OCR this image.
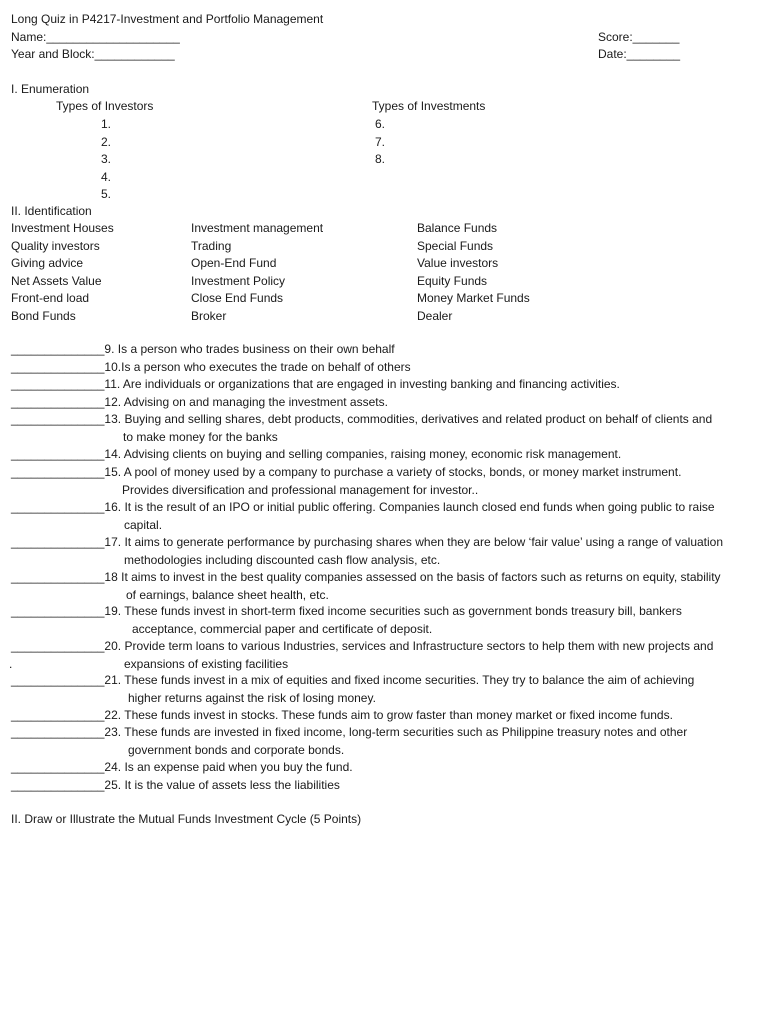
Long Quiz in P4217-Investment and Portfolio Management
Name:____________________
Year and Block:____________
Score:_______
Date:________
I. Enumeration
Types of Investors
1.
2.
3.
4.
5.
Types of Investments
6.
7.
8.
II. Identification
Investment Houses
Quality investors
Giving advice
Net Assets Value
Front-end load
Bond Funds
Investment management
Trading
Open-End Fund
Investment Policy
Close End Funds
Broker
Balance Funds
Special Funds
Value investors
Equity Funds
Money Market Funds
Dealer
______________9. Is a person who trades business on their own behalf
______________10.Is a person who executes the trade on behalf of others
______________11. Are individuals or organizations that are engaged in investing banking and financing activities.
______________12. Advising on and managing the investment assets.
______________13. Buying and selling shares, debt products, commodities, derivatives and related product on behalf of clients and
to make money for the banks
______________14. Advising clients on buying and selling companies, raising money, economic risk management.
______________15. A pool of money used by a company to purchase a variety of stocks, bonds, or money market instrument.
Provides diversification and professional management for investor..
______________16. It is the result of an IPO or initial public offering. Companies launch closed end funds when going public to raise
capital.
______________17. It aims to generate performance by purchasing shares when they are below ‘fair value’ using a range of valuation
methodologies including discounted cash flow analysis, etc.
______________18 It aims to invest in the best quality companies assessed on the basis of factors such as returns on equity, stability
of earnings, balance sheet health, etc.
______________19. These funds invest in short-term fixed income securities such as government bonds treasury bill, bankers
acceptance, commercial paper and certificate of deposit.
______________20. Provide term loans to various Industries, services and Infrastructure sectors to help them with new projects and
.	expansions of existing facilities
______________21. These funds invest in a mix of equities and fixed income securities. They try to balance the aim of achieving
higher returns against the risk of losing money.
______________22. These funds invest in stocks. These funds aim to grow faster than money market or fixed income funds.
______________23. These funds are invested in fixed income, long-term securities such as Philippine treasury notes and other
government bonds and corporate bonds.
______________24. Is an expense paid when you buy the fund.
______________25. It is the value of assets less the liabilities
II. Draw or Illustrate the Mutual Funds Investment Cycle (5 Points)
